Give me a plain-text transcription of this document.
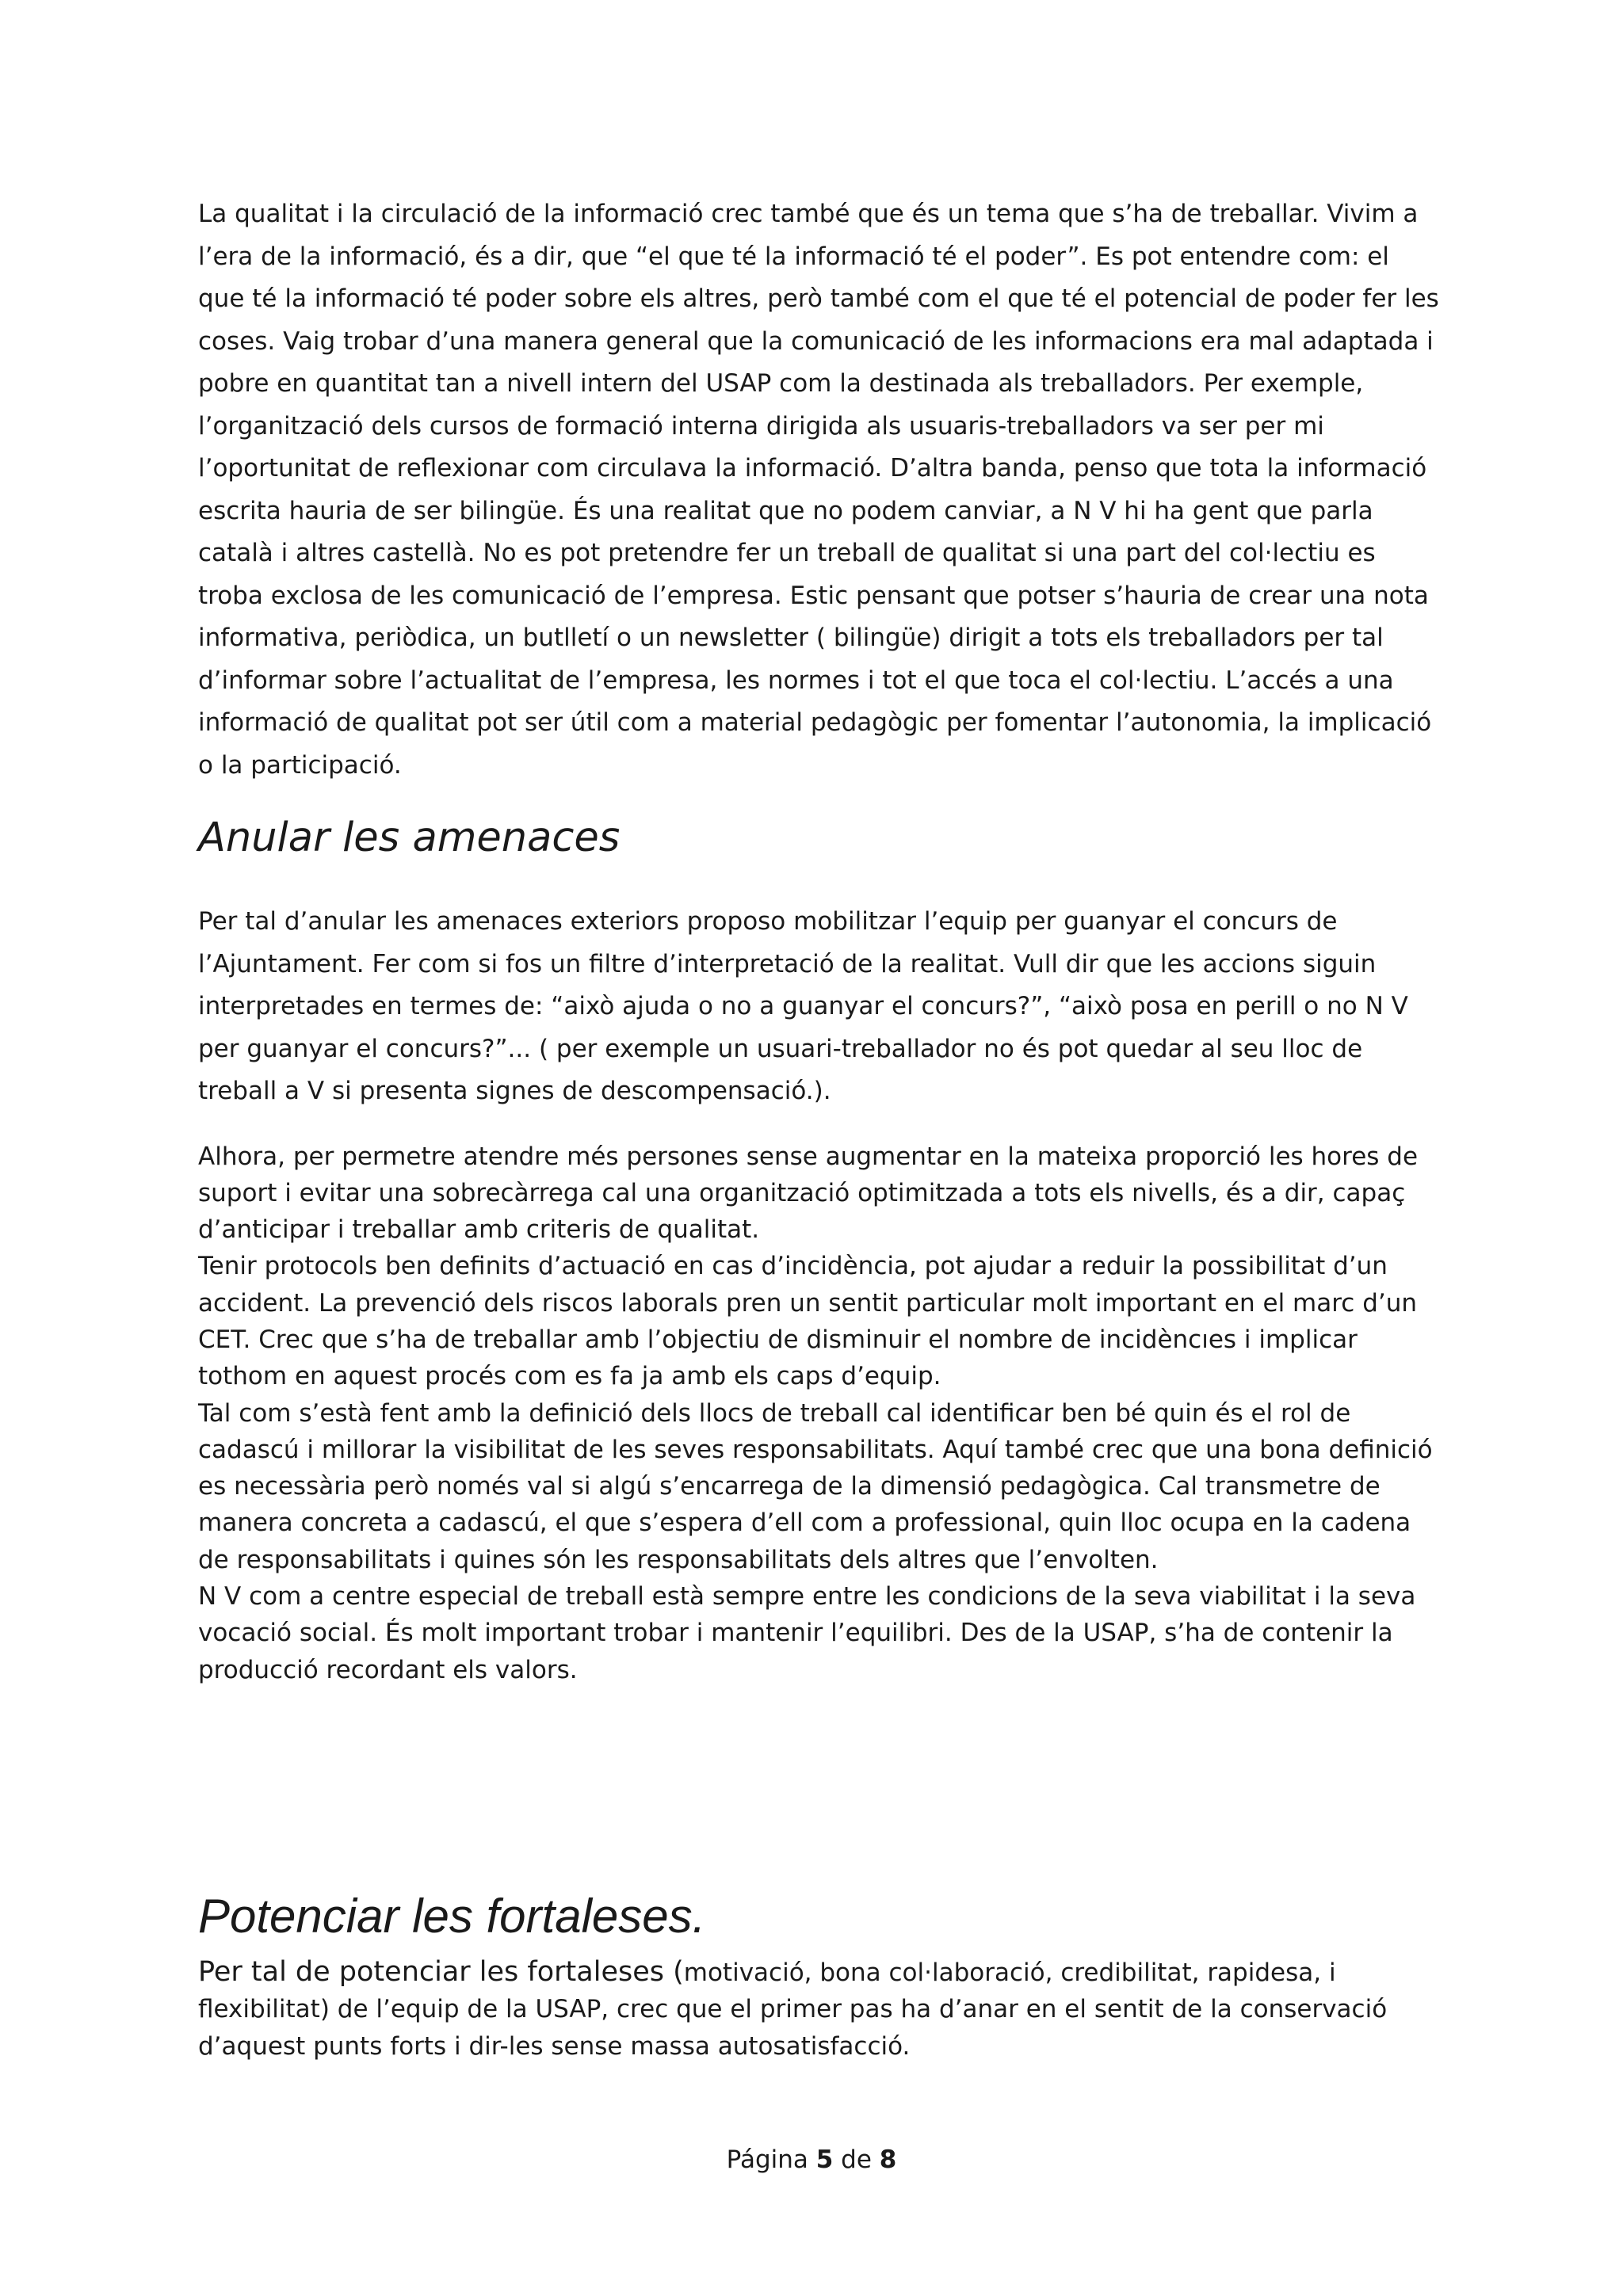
La qualitat i la circulació de la informació crec també que és un tema que s’ha de treballar. Vivim a l’era de la informació, és a dir, que “el que té la informació té el poder”. Es pot entendre com: el que té la informació té poder sobre els altres, però també com el que té el potencial de poder fer les coses. Vaig trobar d’una manera general que la comunicació de les informacions era mal adaptada i pobre en quantitat tan a nivell intern del USAP com la destinada als treballadors. Per exemple, l’organització dels cursos de formació interna dirigida als usuaris-treballadors va ser per mi l’oportunitat de reflexionar com circulava la informació. D’altra banda, penso que tota la informació escrita hauria de ser bilingüe. És una realitat que no podem canviar, a N V hi ha gent que parla català i altres castellà. No es pot pretendre fer un treball de qualitat si una part del col·lectiu es troba exclosa de les comunicació de l’empresa. Estic pensant que potser s’hauria de crear una nota informativa, periòdica, un butlletí o un newsletter ( bilingüe) dirigit a tots els treballadors per tal d’informar sobre l’actualitat de l’empresa, les normes i tot el que toca el col·lectiu. L’accés a una informació de qualitat pot ser útil com a material pedagògic per fomentar l’autonomia, la implicació o la participació.

Anular les amenaces

Per tal d’anular les amenaces exteriors proposo mobilitzar l’equip per guanyar el concurs de l’Ajuntament. Fer com si fos un filtre d’interpretació de la realitat. Vull dir que les accions siguin interpretades en termes de: “això ajuda o no a guanyar el concurs?”, “això posa en perill o no N V per guanyar el concurs?”... ( per exemple un usuari-treballador no és pot quedar al seu lloc de treball a V si presenta signes de descompensació.).

Alhora, per permetre atendre més persones sense augmentar en la mateixa proporció les hores de suport i evitar una sobrecàrrega cal una organització optimitzada a tots els nivells, és a dir, capaç d’anticipar i treballar amb criteris de qualitat.

Tenir protocols ben definits d’actuació en cas d’incidència, pot ajudar a reduir la possibilitat d’un accident. La prevenció dels riscos laborals pren un sentit particular molt important en el marc d’un CET. Crec que s’ha de treballar amb l’objectiu de disminuir el nombre de incidèncıes i implicar tothom en aquest procés com es fa ja amb els caps d’equip.

Tal com s’està fent amb la definició dels llocs de treball cal identificar ben bé quin és el rol de cadascú i millorar la visibilitat de les seves responsabilitats. Aquí també crec que una bona definició es necessària però només val si algú s’encarrega de la dimensió pedagògica. Cal transmetre de manera concreta a cadascú, el que s’espera d’ell com a professional, quin lloc ocupa en la cadena de responsabilitats i quines són les responsabilitats dels altres que l’envolten.

N V com a centre especial de treball està sempre entre les condicions de la seva viabilitat i la seva vocació social. És molt important trobar i mantenir l’equilibri. Des de la USAP, s’ha de contenir la producció recordant els valors.

Potenciar les fortaleses.

Per tal de potenciar les fortaleses (motivació, bona col·laboració, credibilitat, rapidesa, i flexibilitat) de l’equip de la USAP, crec que el primer pas ha d’anar en el sentit de la conservació d’aquest punts forts i dir-les sense massa autosatisfacció.

Página 5 de 8
